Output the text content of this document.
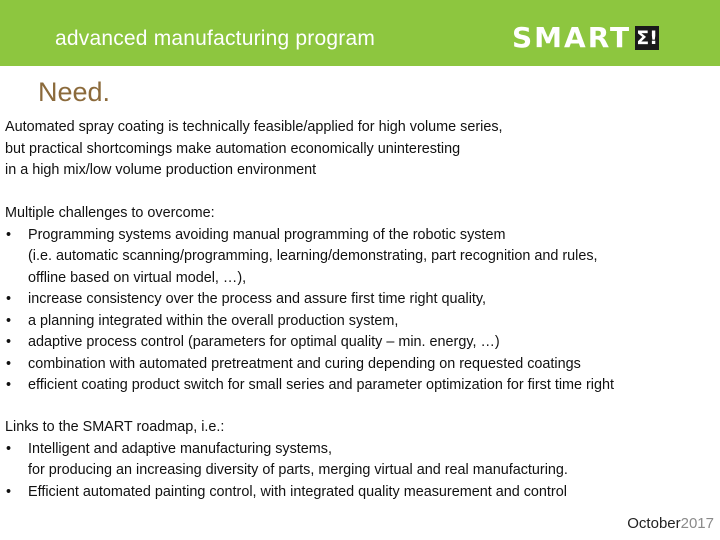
advanced manufacturing program	SMART Σ!
Need.
Automated spray coating is technically feasible/applied for high volume series,
but practical shortcomings make automation economically uninteresting
in a high mix/low volume production environment
Multiple challenges to overcome:
•	Programming systems avoiding manual programming of the robotic system
(i.e. automatic scanning/programming, learning/demonstrating, part recognition and rules,
offline based on virtual model, …),
•	increase consistency over the process and assure first time right quality,
•	a planning integrated within the overall production system,
•	adaptive process control (parameters for optimal quality – min. energy, …)
•	combination with automated pretreatment and curing depending on requested coatings
•	efficient coating product switch for small series and parameter optimization for first time right
Links to the SMART roadmap, i.e.:
•	Intelligent and adaptive manufacturing systems,
for producing an increasing diversity of parts, merging virtual and real manufacturing.
•	Efficient automated painting control, with integrated quality measurement and control
October2017
